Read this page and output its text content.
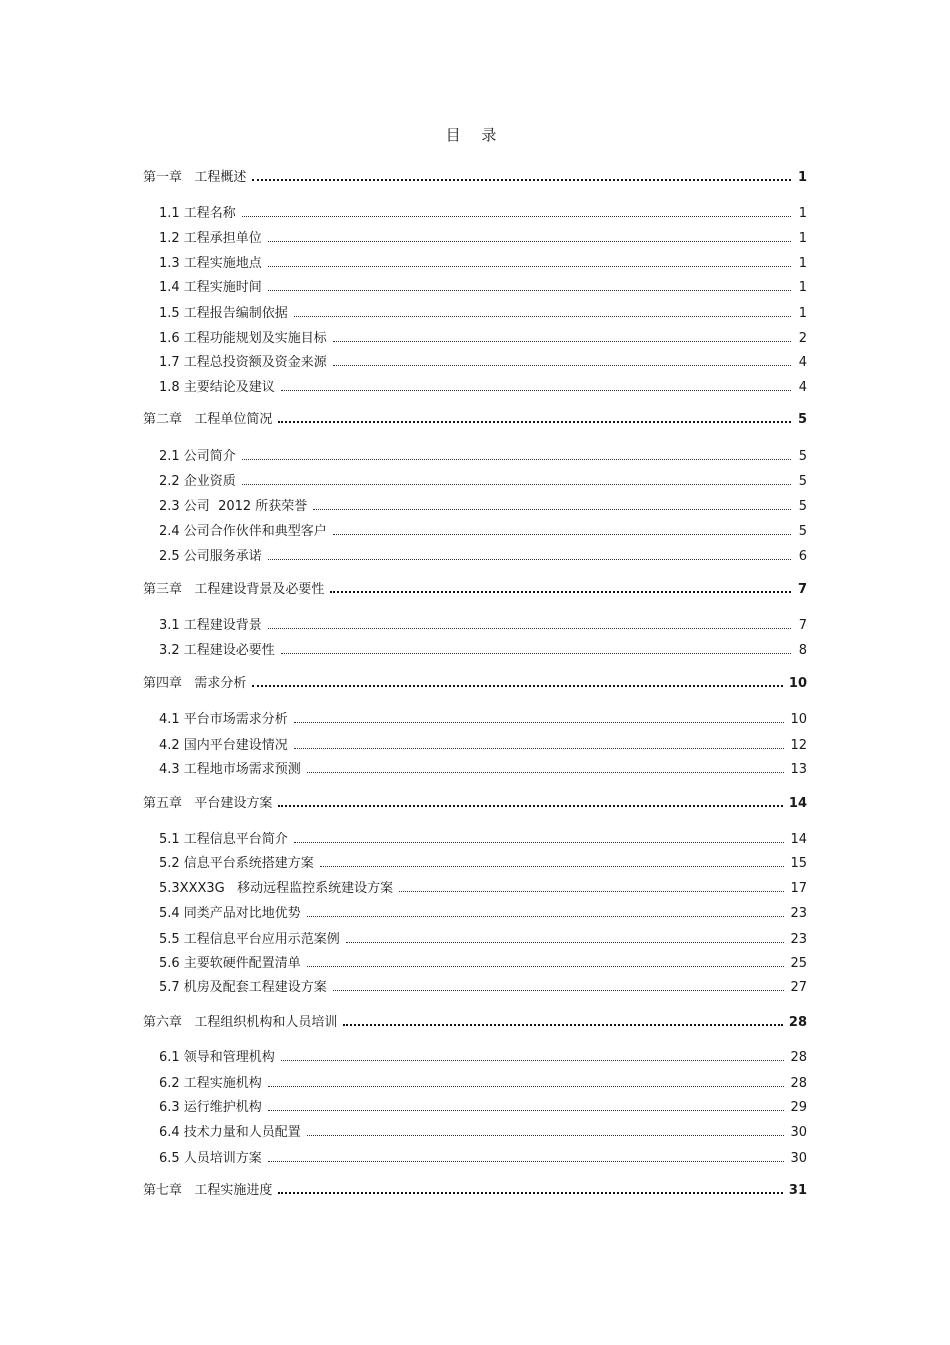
目 录
第一章   工程概述	1
1.1 工程名称	1
1.2 工程承担单位	1
1.3 工程实施地点	1
1.4 工程实施时间	1
1.5 工程报告编制依据	1
1.6 工程功能规划及实施目标	2
1.7 工程总投资额及资金来源	4
1.8 主要结论及建议	4
第二章   工程单位简况	5
2.1 公司简介	5
2.2 企业资质	5
2.3 公司  2012 所获荣誉	5
2.4 公司合作伙伴和典型客户	5
2.5 公司服务承诺	6
第三章   工程建设背景及必要性	7
3.1 工程建设背景	7
3.2 工程建设必要性	8
第四章   需求分析	10
4.1 平台市场需求分析	10
4.2 国内平台建设情况	12
4.3 工程地市场需求预测	13
第五章   平台建设方案	14
5.1 工程信息平台简介	14
5.2 信息平台系统搭建方案	15
5.3XXX3G   移动远程监控系统建设方案	17
5.4 同类产品对比地优势	23
5.5 工程信息平台应用示范案例	23
5.6 主要软硬件配置清单	25
5.7 机房及配套工程建设方案	27
第六章   工程组织机构和人员培训	28
6.1 领导和管理机构	28
6.2 工程实施机构	28
6.3 运行维护机构	29
6.4 技术力量和人员配置	30
6.5 人员培训方案	30
第七章   工程实施进度	31
